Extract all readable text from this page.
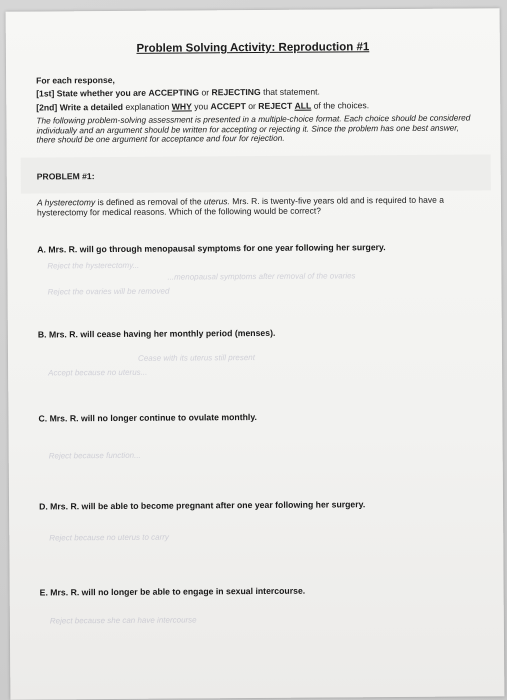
Problem Solving Activity: Reproduction #1
For each response,
[1st] State whether you are ACCEPTING or REJECTING that statement.
[2nd] Write a detailed explanation WHY you ACCEPT or REJECT ALL of the choices.
The following problem-solving assessment is presented in a multiple-choice format. Each choice should be considered individually and an argument should be written for accepting or rejecting it. Since the problem has one best answer, there should be one argument for acceptance and four for rejection.
PROBLEM #1:
A hysterectomy is defined as removal of the uterus. Mrs. R. is twenty-five years old and is required to have a hysterectomy for medical reasons. Which of the following would be correct?
A. Mrs. R. will go through menopausal symptoms for one year following her surgery.
Reject the hysterectomy...
...menopausal symptoms after removal of the ovaries
Reject the ovaries will be removed
B. Mrs. R. will cease having her monthly period (menses).
Cease with its uterus still present
Accept because no uterus...
C. Mrs. R. will no longer continue to ovulate monthly.
Reject because function...
D. Mrs. R. will be able to become pregnant after one year following her surgery.
Reject because no uterus to carry
E. Mrs. R. will no longer be able to engage in sexual intercourse.
Reject because she can have intercourse
